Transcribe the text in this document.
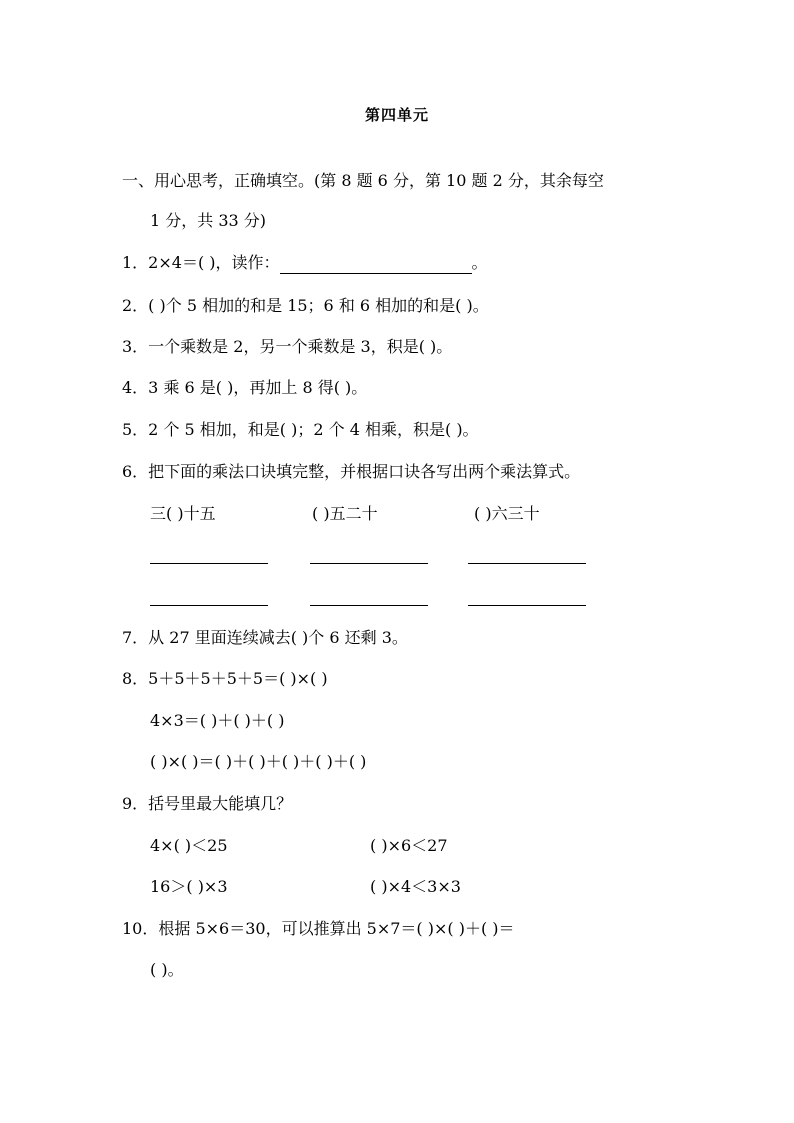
第四单元
一、用心思考，正确填空。(第 8 题 6 分，第 10 题 2 分，其余每空
1 分，共 33 分)
1．2×4＝( )，读作：	。
2．( )个 5 相加的和是 15；6 和 6 相加的和是( )。
3．一个乘数是 2，另一个乘数是 3，积是( )。
4．3 乘 6 是( )，再加上 8 得( )。
5．2 个 5 相加，和是( )；2 个 4 相乘，积是( )。
6．把下面的乘法口诀填完整，并根据口诀各写出两个乘法算式。
三( )十五	( )五二十	( )六三十
7．从 27 里面连续减去( )个 6 还剩 3。
8．5＋5＋5＋5＋5＝( )×( )
4×3＝( )＋( )＋( )
( )×( )＝( )＋( )＋( )＋( )＋( )
9．括号里最大能填几？
4×( )＜25	( )×6＜27
16＞( )×3	( )×4＜3×3
10．根据 5×6＝30，可以推算出 5×7＝( )×( )＋( )＝
( )。
